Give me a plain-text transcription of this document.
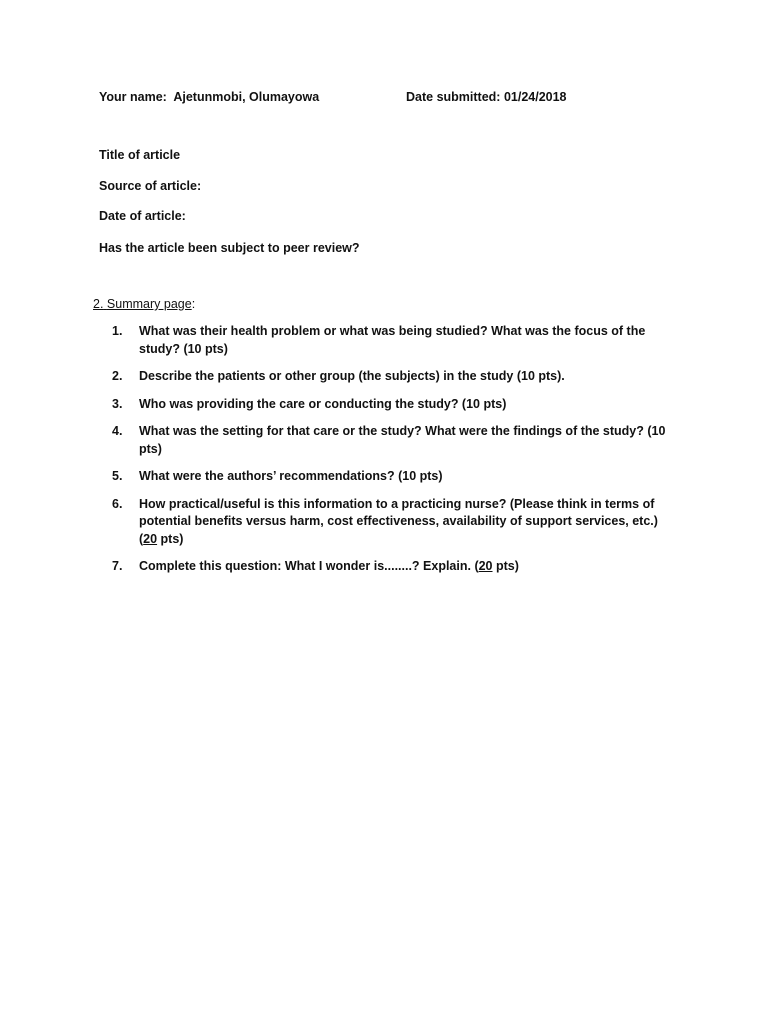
Your name: Ajetunmobi, Olumayowa	Date submitted: 01/24/2018
Title of article
Source of article:
Date of article:
Has the article been subject to peer review?
2. Summary page:
1.	What was their health problem or what was being studied? What was the focus of the study? (10 pts)
2.	Describe the patients or other group (the subjects) in the study (10 pts).
3.	Who was providing the care or conducting the study? (10 pts)
4.	What was the setting for that care or the study? What were the findings of the study? (10 pts)
5.	What were the authors’ recommendations? (10 pts)
6.	How practical/useful is this information to a practicing nurse? (Please think in terms of potential benefits versus harm, cost effectiveness, availability of support services, etc.) (20 pts)
7.	Complete this question: What I wonder is........? Explain. (20 pts)
